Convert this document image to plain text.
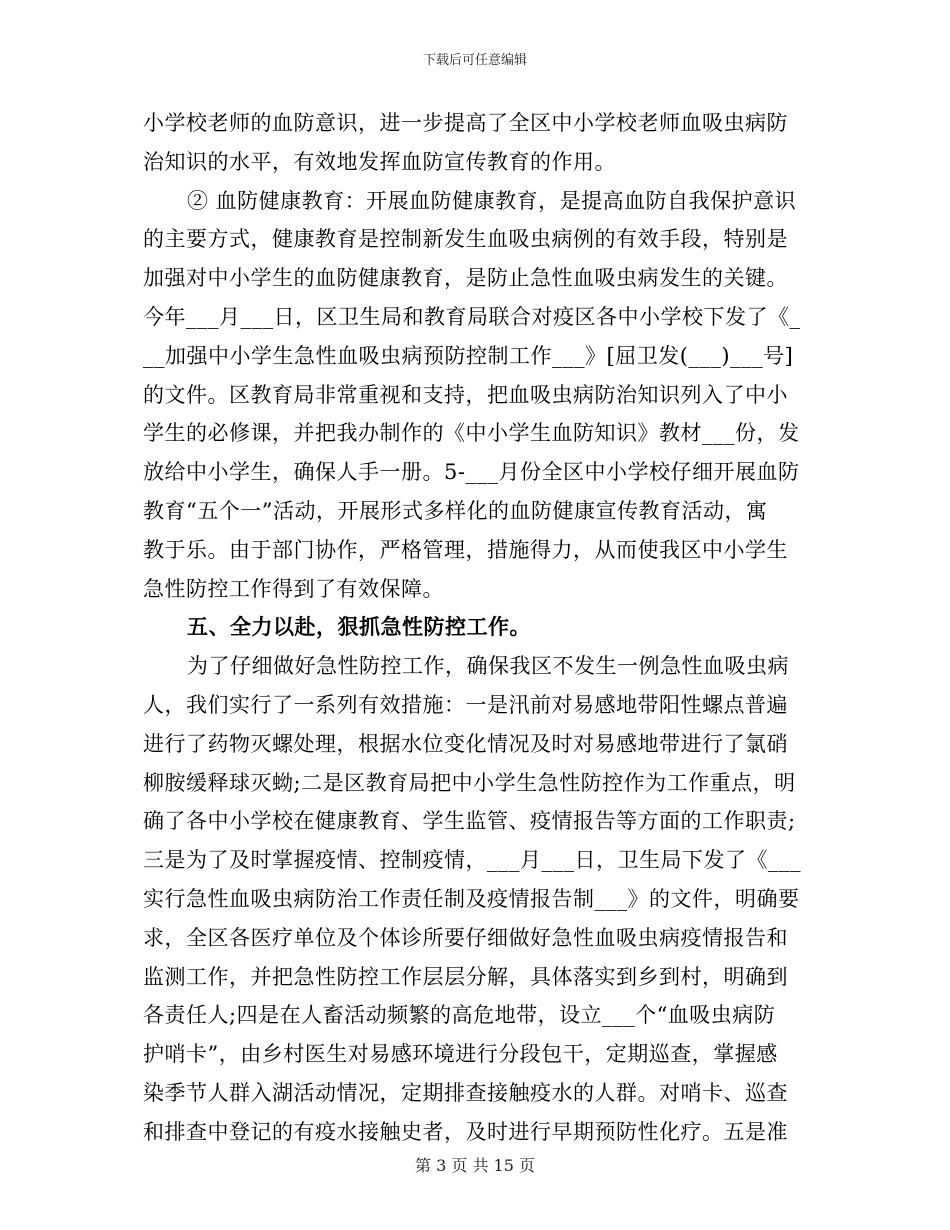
下载后可任意编辑
小学校老师的血防意识，进一步提高了全区中小学校老师血吸虫病防
治知识的水平，有效地发挥血防宣传教育的作用。
② 血防健康教育：开展血防健康教育，是提高血防自我保护意识
的主要方式，健康教育是控制新发生血吸虫病例的有效手段，特别是
加强对中小学生的血防健康教育，是防止急性血吸虫病发生的关键。
今年___月___日，区卫生局和教育局联合对疫区各中小学校下发了《_
__加强中小学生急性血吸虫病预防控制工作___》[屈卫发(___)___号]
的文件。区教育局非常重视和支持，把血吸虫病防治知识列入了中小
学生的必修课，并把我办制作的《中小学生血防知识》教材___份，发
放给中小学生，确保人手一册。5-___月份全区中小学校仔细开展血防
教育“五个一”活动，开展形式多样化的血防健康宣传教育活动，寓
教于乐。由于部门协作，严格管理，措施得力，从而使我区中小学生
急性防控工作得到了有效保障。
五、全力以赴，狠抓急性防控工作。
为了仔细做好急性防控工作，确保我区不发生一例急性血吸虫病
人，我们实行了一系列有效措施：一是汛前对易感地带阳性螺点普遍
进行了药物灭螺处理，根据水位变化情况及时对易感地带进行了氯硝
柳胺缓释球灭蚴;二是区教育局把中小学生急性防控作为工作重点，明
确了各中小学校在健康教育、学生监管、疫情报告等方面的工作职责;
三是为了及时掌握疫情、控制疫情，___月___日，卫生局下发了《___
实行急性血吸虫病防治工作责任制及疫情报告制___》的文件，明确要
求，全区各医疗单位及个体诊所要仔细做好急性血吸虫病疫情报告和
监测工作，并把急性防控工作层层分解，具体落实到乡到村，明确到
各责任人;四是在人畜活动频繁的高危地带，设立___个“血吸虫病防
护哨卡”，由乡村医生对易感环境进行分段包干，定期巡查，掌握感
染季节人群入湖活动情况，定期排查接触疫水的人群。对哨卡、巡查
和排查中登记的有疫水接触史者，及时进行早期预防性化疗。五是准
第 3 页 共 15 页
